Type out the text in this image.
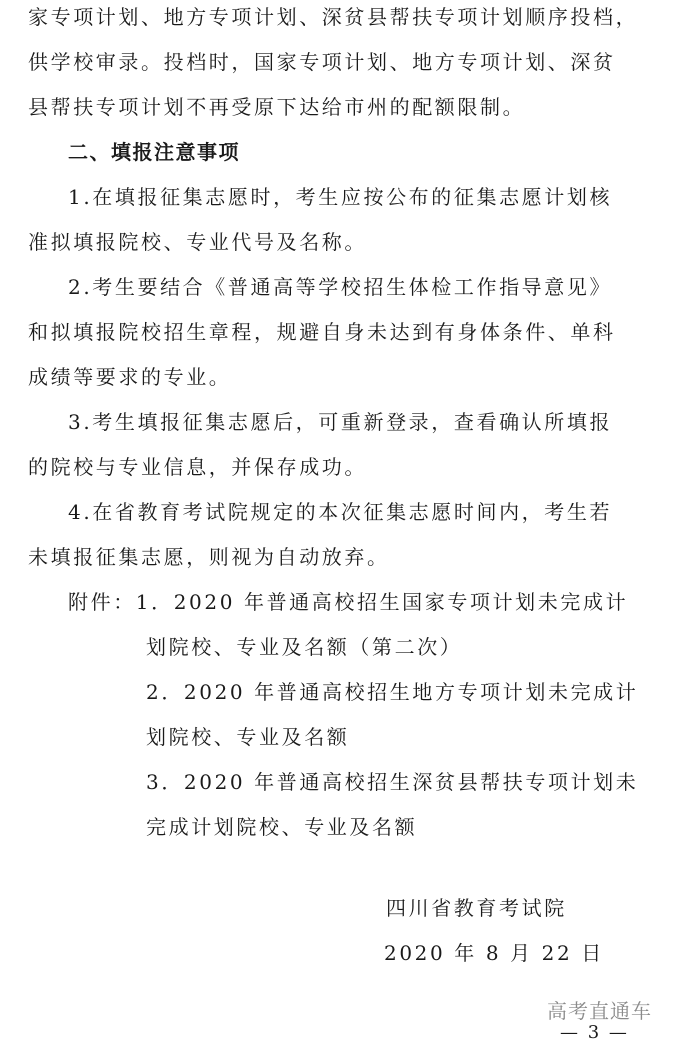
家专项计划、地方专项计划、深贫县帮扶专项计划顺序投档，
供学校审录。投档时，国家专项计划、地方专项计划、深贫
县帮扶专项计划不再受原下达给市州的配额限制。
二、填报注意事项
1.在填报征集志愿时，考生应按公布的征集志愿计划核
准拟填报院校、专业代号及名称。
2.考生要结合《普通高等学校招生体检工作指导意见》
和拟填报院校招生章程，规避自身未达到有身体条件、单科
成绩等要求的专业。
3.考生填报征集志愿后，可重新登录，查看确认所填报
的院校与专业信息，并保存成功。
4.在省教育考试院规定的本次征集志愿时间内，考生若
未填报征集志愿，则视为自动放弃。
附件：1．2020 年普通高校招生国家专项计划未完成计
划院校、专业及名额（第二次）
2．2020 年普通高校招生地方专项计划未完成计
划院校、专业及名额
3．2020 年普通高校招生深贫县帮扶专项计划未
完成计划院校、专业及名额
四川省教育考试院
2020 年 8 月 22 日
高考直通车
— 3 —
